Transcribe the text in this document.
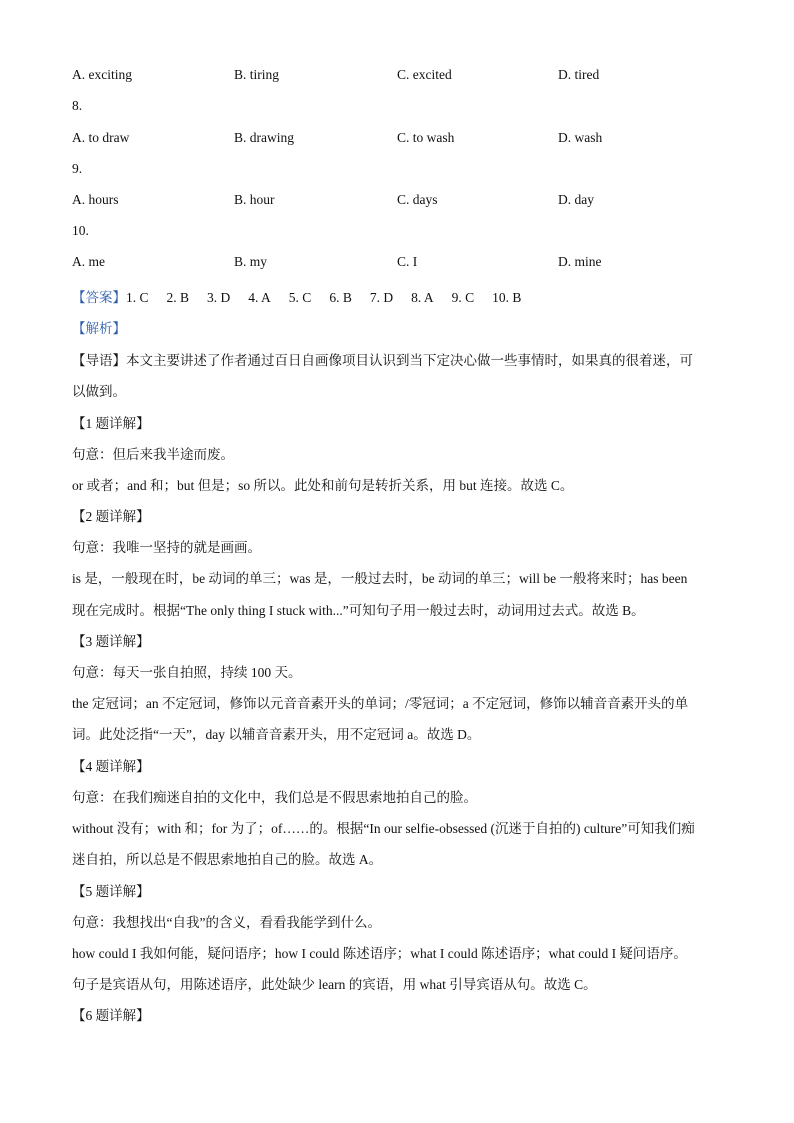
A. exciting	B. tiring	C. excited	D. tired
8.
A. to draw	B. drawing	C. to wash	D. wash
9.
A. hours	B. hour	C. days	D. day
10.
A. me	B. my	C. I	D. mine
【答案】1. C 2. B 3. D 4. A 5. C 6. B 7. D 8. A 9. C 10. B
【解析】
【导语】本文主要讲述了作者通过百日自画像项目认识到当下定决心做一些事情时，如果真的很着迷，可
以做到。
【1 题详解】
句意：但后来我半途而废。
or 或者；and 和；but 但是；so 所以。此处和前句是转折关系，用 but 连接。故选 C。
【2 题详解】
句意：我唯一坚持的就是画画。
is 是，一般现在时，be 动词的单三；was 是，一般过去时，be 动词的单三；will be 一般将来时；has been
现在完成时。根据“The only thing I stuck with...”可知句子用一般过去时，动词用过去式。故选 B。
【3 题详解】
句意：每天一张自拍照，持续 100 天。
the 定冠词；an 不定冠词，修饰以元音音素开头的单词；/零冠词；a 不定冠词，修饰以辅音音素开头的单
词。此处泛指“一天”，day 以辅音音素开头，用不定冠词 a。故选 D。
【4 题详解】
句意：在我们痴迷自拍的文化中，我们总是不假思索地拍自己的脸。
without 没有；with 和；for 为了；of……的。根据“In our selfie-obsessed (沉迷于自拍的) culture”可知我们痴
迷自拍，所以总是不假思索地拍自己的脸。故选 A。
【5 题详解】
句意：我想找出“自我”的含义，看看我能学到什么。
how could I 我如何能，疑问语序；how I could 陈述语序；what I could 陈述语序；what could I 疑问语序。
句子是宾语从句，用陈述语序，此处缺少 learn 的宾语，用 what 引导宾语从句。故选 C。
【6 题详解】
